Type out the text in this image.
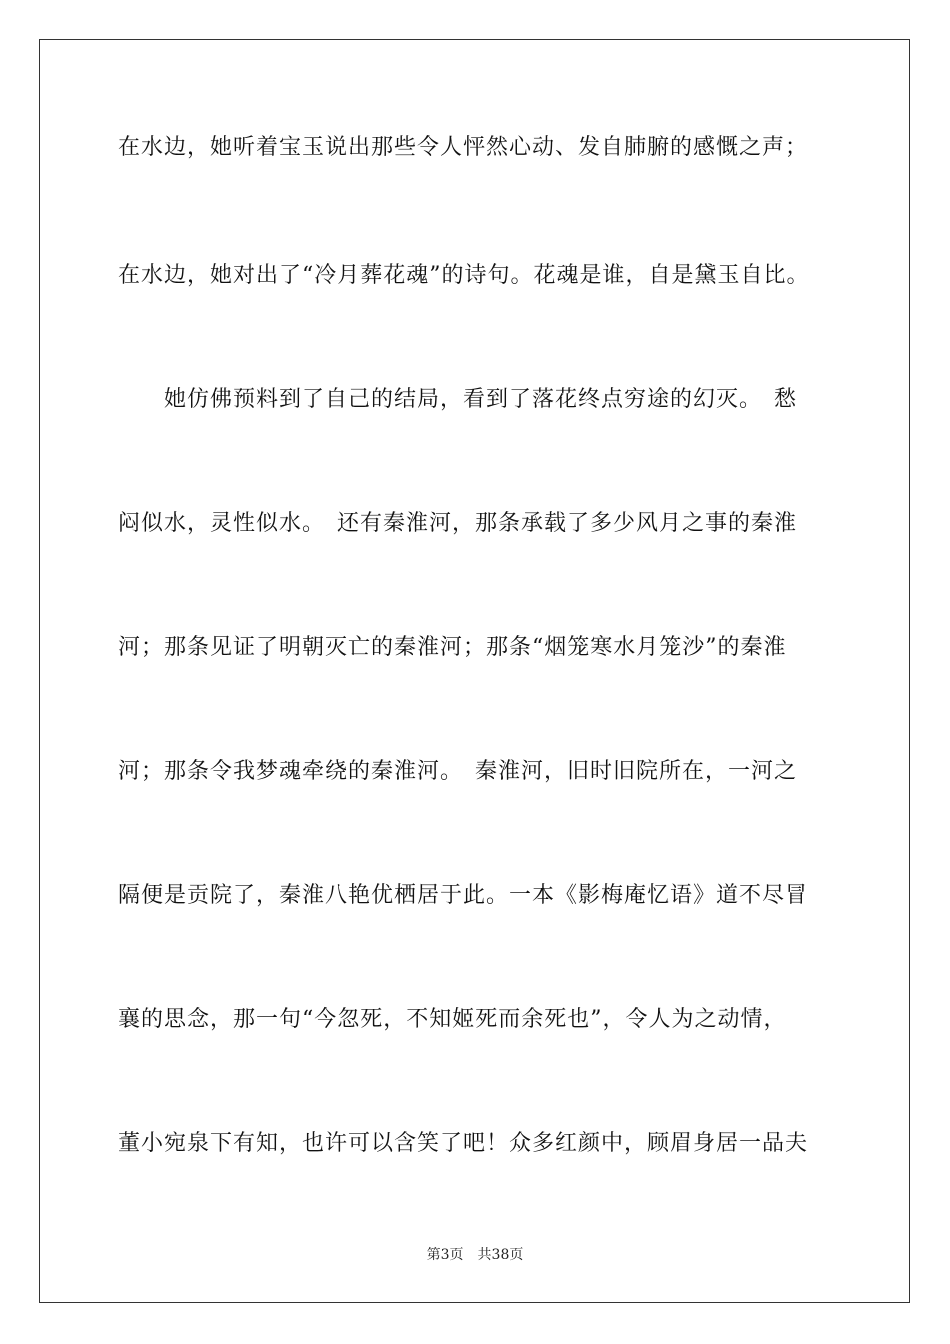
在水边，她听着宝玉说出那些令人怦然心动、发自肺腑的感慨之声；
在水边，她对出了“冷月葬花魂”的诗句。花魂是谁，自是黛玉自比。
　　她仿佛预料到了自己的结局，看到了落花终点穷途的幻灭。　愁
闷似水，灵性似水。　还有秦淮河，那条承载了多少风月之事的秦淮
河；那条见证了明朝灭亡的秦淮河；那条“烟笼寒水月笼沙”的秦淮
河；那条令我梦魂牵绕的秦淮河。　秦淮河，旧时旧院所在，一河之
隔便是贡院了，秦淮八艳优栖居于此。一本《影梅庵忆语》道不尽冒
襄的思念，那一句“今忽死，不知姬死而余死也”，令人为之动情，
董小宛泉下有知，也许可以含笑了吧！众多红颜中，顾眉身居一品夫
第3页　共38页
